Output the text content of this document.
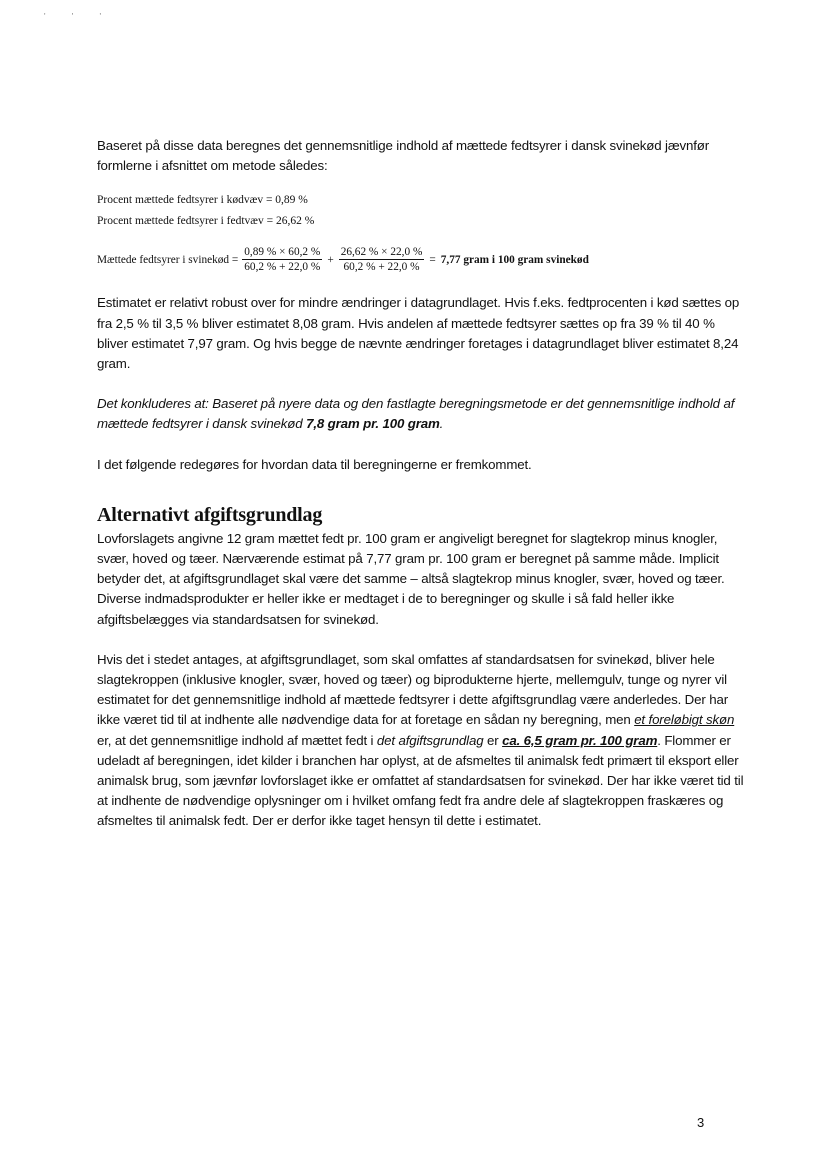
' ' '

Baseret på disse data beregnes det gennemsnitlige indhold af mættede fedtsyrer i dansk svinekød jævnfør formlerne i afsnittet om metode således:

Procent mættede fedtsyrer i kødvæv = 0,89 %
Procent mættede fedtsyrer i fedtvæv = 26,62 %
Mættede fedtsyrer i svinekød = $\frac{0,89 \% \times 60,2 \%}{60,2 \% + 22,0 \%} + \frac{26,62 \% \times 22,0 \%}{60,2 \% + 22,0 \%} = 7,77$ gram i 100 gram svinekød

Estimatet er relativt robust over for mindre ændringer i datagrundlaget. Hvis f.eks. fedtprocenten i kød sættes op fra 2,5 % til 3,5 % bliver estimatet 8,08 gram. Hvis andelen af mættede fedtsyrer sættes op fra 39 % til 40 % bliver estimatet 7,97 gram. Og hvis begge de nævnte ændringer foretages i datagrundlaget bliver estimatet 8,24 gram.

Det konkluderes at: Baseret på nyere data og den fastlagte beregningsmetode er det gennemsnitlige indhold af mættede fedtsyrer i dansk svinekød 7,8 gram pr. 100 gram.

I det følgende redegøres for hvordan data til beregningerne er fremkommet.

Alternativt afgiftsgrundlag

Lovforslagets angivne 12 gram mættet fedt pr. 100 gram er angiveligt beregnet for slagtekrop minus knogler, svær, hoved og tæer. Nærværende estimat på 7,77 gram pr. 100 gram er beregnet på samme måde. Implicit betyder det, at afgiftsgrundlaget skal være det samme – altså slagtekrop minus knogler, svær, hoved og tæer. Diverse indmadsprodukter er heller ikke er medtaget i de to beregninger og skulle i så fald heller ikke afgiftsbelægges via standardsatsen for svinekød.

Hvis det i stedet antages, at afgiftsgrundlaget, som skal omfattes af standardsatsen for svinekød, bliver hele slagtekroppen (inklusive knogler, svær, hoved og tæer) og biprodukterne hjerte, mellemgulv, tunge og nyrer vil estimatet for det gennemsnitlige indhold af mættede fedtsyrer i dette afgiftsgrundlag være anderledes. Der har ikke været tid til at indhente alle nødvendige data for at foretage en sådan ny beregning, men et foreløbigt skøn er, at det gennemsnitlige indhold af mættet fedt i det afgiftsgrundlag er ca. 6,5 gram pr. 100 gram. Flommer er udeladt af beregningen, idet kilder i branchen har oplyst, at de afsmeltes til animalsk fedt primært til eksport eller animalsk brug, som jævnfør lovforslaget ikke er omfattet af standardsatsen for svinekød. Der har ikke været tid til at indhente de nødvendige oplysninger om i hvilket omfang fedt fra andre dele af slagtekroppen fraskæres og afsmeltes til animalsk fedt. Der er derfor ikke taget hensyn til dette i estimatet.

3
